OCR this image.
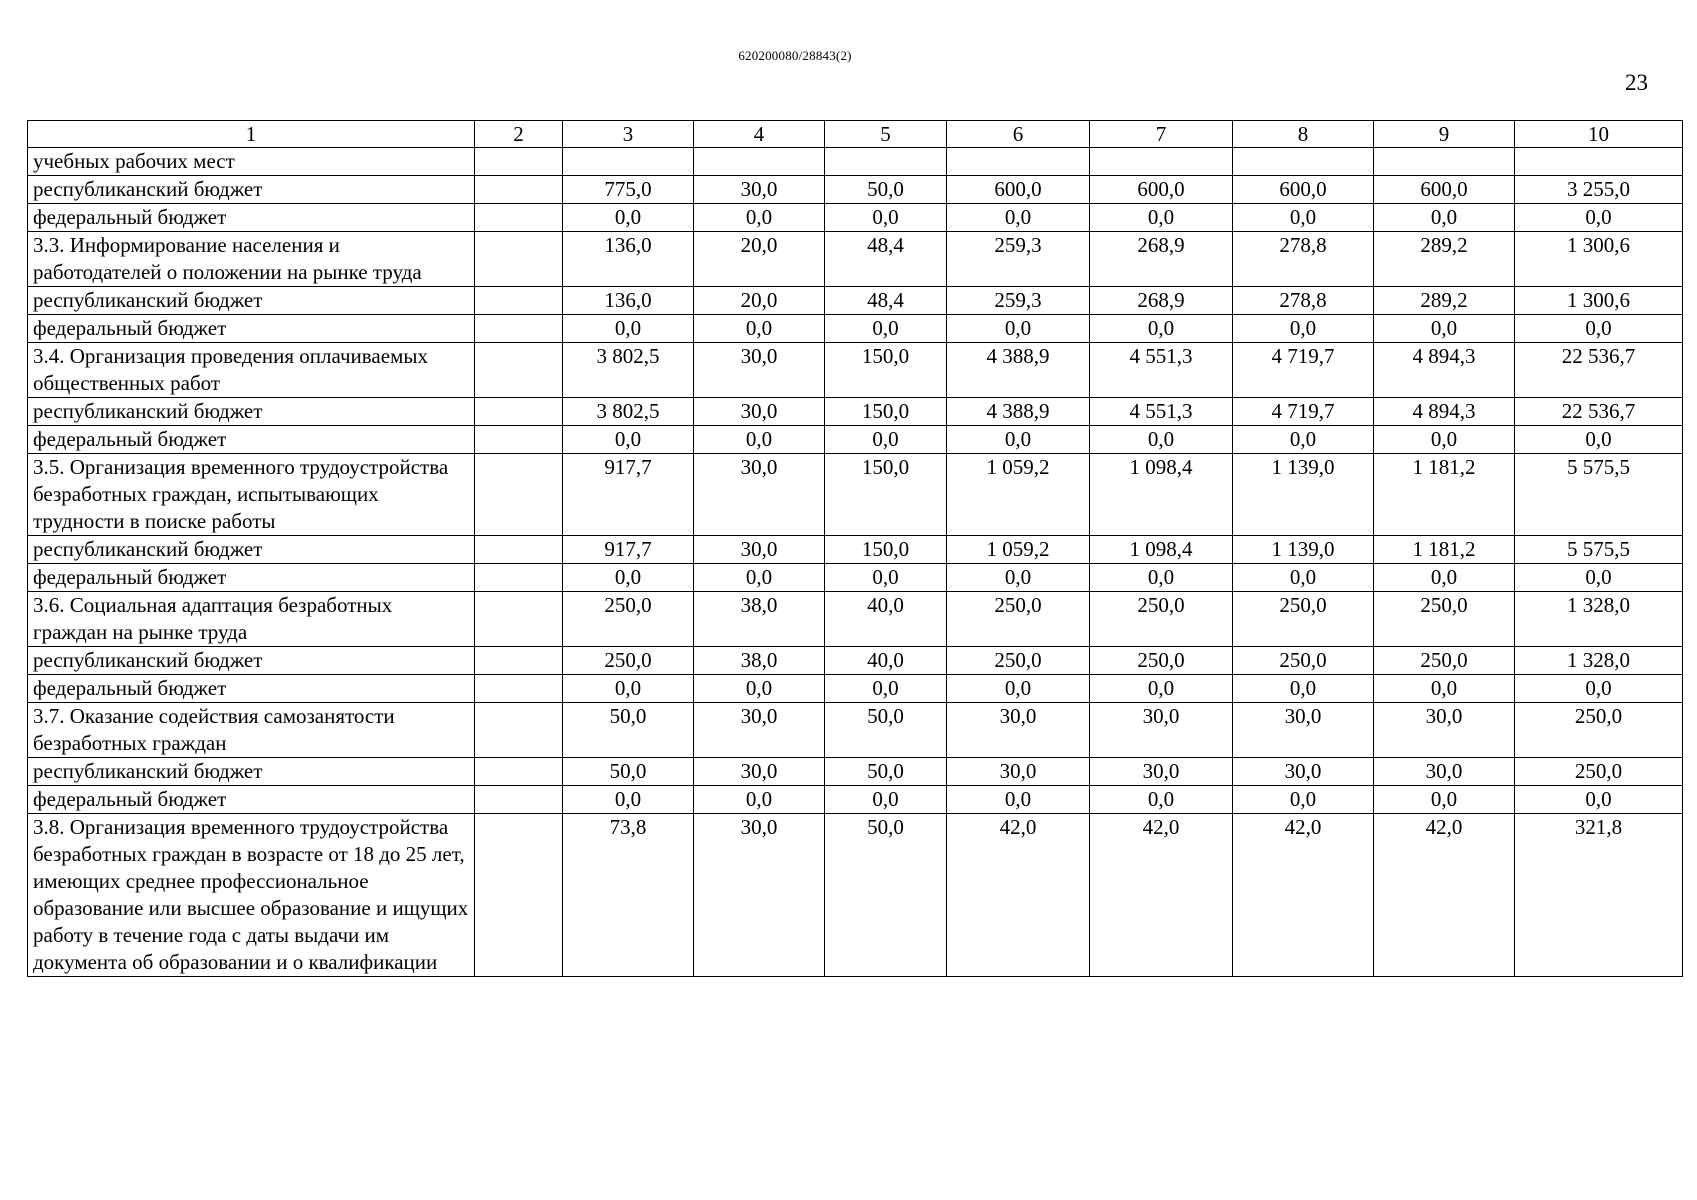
620200080/28843(2)
23
1	2	3	4	5	6	7	8	9	10
учебных рабочих мест									
республиканский бюджет		775,0	30,0	50,0	600,0	600,0	600,0	600,0	3 255,0
федеральный бюджет		0,0	0,0	0,0	0,0	0,0	0,0	0,0	0,0
3.3. Информирование населения и работодателей о положении на рынке труда		136,0	20,0	48,4	259,3	268,9	278,8	289,2	1 300,6
республиканский бюджет		136,0	20,0	48,4	259,3	268,9	278,8	289,2	1 300,6
федеральный бюджет		0,0	0,0	0,0	0,0	0,0	0,0	0,0	0,0
3.4. Организация проведения оплачиваемых общественных работ		3 802,5	30,0	150,0	4 388,9	4 551,3	4 719,7	4 894,3	22 536,7
республиканский бюджет		3 802,5	30,0	150,0	4 388,9	4 551,3	4 719,7	4 894,3	22 536,7
федеральный бюджет		0,0	0,0	0,0	0,0	0,0	0,0	0,0	0,0
3.5. Организация временного трудоустройства безработных граждан, испытывающих трудности в поиске работы		917,7	30,0	150,0	1 059,2	1 098,4	1 139,0	1 181,2	5 575,5
республиканский бюджет		917,7	30,0	150,0	1 059,2	1 098,4	1 139,0	1 181,2	5 575,5
федеральный бюджет		0,0	0,0	0,0	0,0	0,0	0,0	0,0	0,0
3.6. Социальная адаптация безработных граждан на рынке труда		250,0	38,0	40,0	250,0	250,0	250,0	250,0	1 328,0
республиканский бюджет		250,0	38,0	40,0	250,0	250,0	250,0	250,0	1 328,0
федеральный бюджет		0,0	0,0	0,0	0,0	0,0	0,0	0,0	0,0
3.7. Оказание содействия самозанятости безработных граждан		50,0	30,0	50,0	30,0	30,0	30,0	30,0	250,0
республиканский бюджет		50,0	30,0	50,0	30,0	30,0	30,0	30,0	250,0
федеральный бюджет		0,0	0,0	0,0	0,0	0,0	0,0	0,0	0,0
3.8. Организация временного трудоустройства безработных граждан в возрасте от 18 до 25 лет, имеющих среднее профессиональное образование или высшее образование и ищущих работу в течение года с даты выдачи им документа об образовании и о квалификации		73,8	30,0	50,0	42,0	42,0	42,0	42,0	321,8
